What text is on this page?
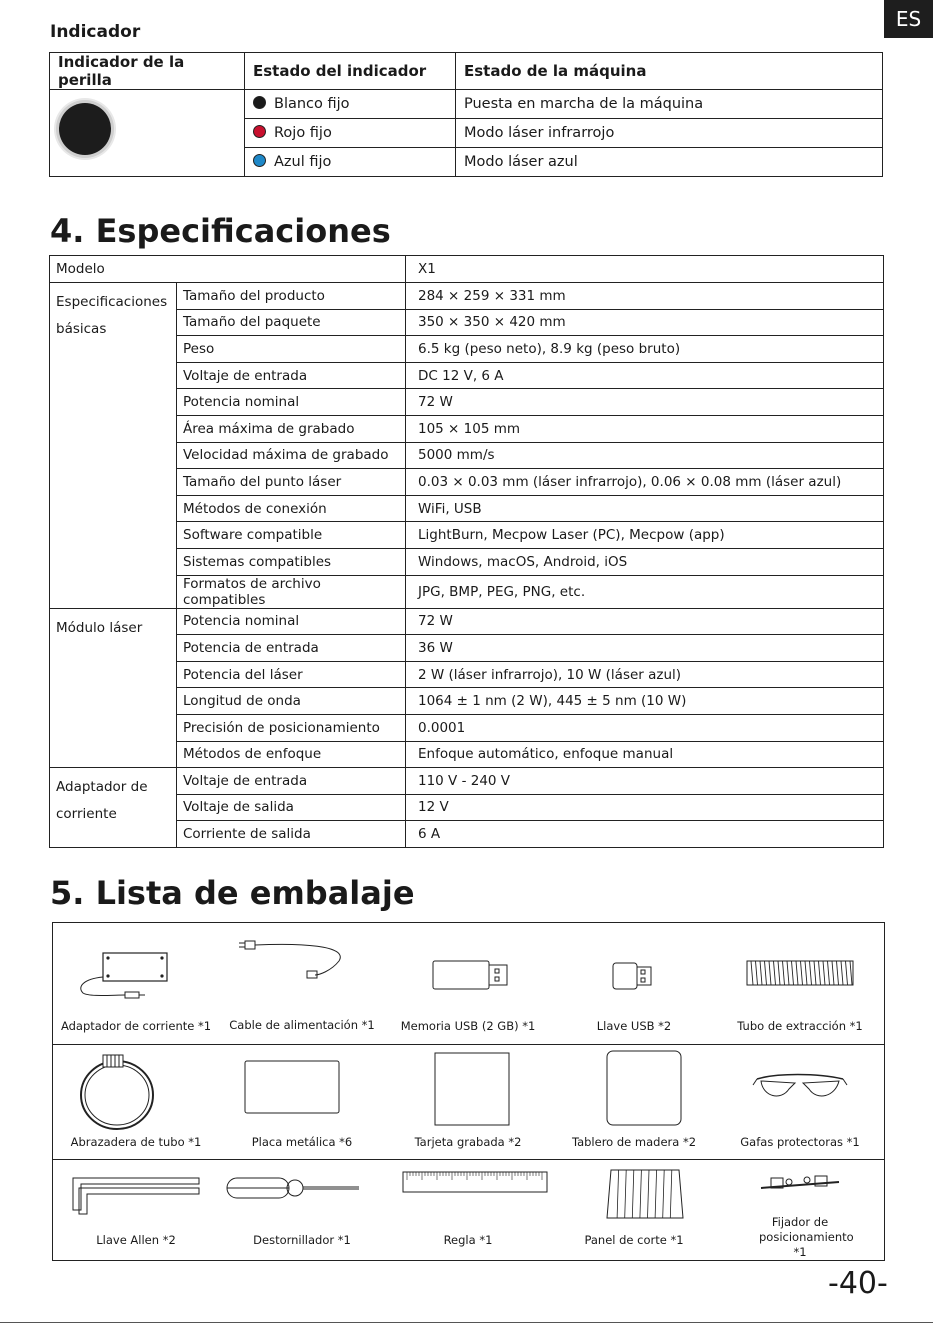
ES
Indicador
Indicador de la perilla	Estado del indicador	Estado de la máquina

	Blanco fijo	Puesta en marcha de la máquina
	Rojo fijo	Modo láser infrarrojo
	Azul fijo	Modo láser azul
4. Especificaciones
Modelo		X1
Especificaciones básicas	Tamaño del producto	284 × 259 × 331 mm
	Tamaño del paquete	350 × 350 × 420 mm
	Peso	6.5 kg (peso neto), 8.9 kg (peso bruto)
	Voltaje de entrada	DC 12 V, 6 A
	Potencia nominal	72 W
	Área máxima de grabado	105 × 105 mm
	Velocidad máxima de grabado	5000 mm/s
	Tamaño del punto láser	0.03 × 0.03 mm (láser infrarrojo), 0.06 × 0.08 mm (láser azul)
	Métodos de conexión	WiFi, USB
	Software compatible	LightBurn, Mecpow Laser (PC), Mecpow (app)
	Sistemas compatibles	Windows, macOS, Android, iOS
	Formatos de archivo compatibles	JPG, BMP, PEG, PNG, etc.
Módulo láser	Potencia nominal	72 W
	Potencia de entrada	36 W
	Potencia del láser	2 W (láser infrarrojo), 10 W (láser azul)
	Longitud de onda	1064 ± 1 nm (2 W), 445 ± 5 nm (10 W)
	Precisión de posicionamiento	0.0001
	Métodos de enfoque	Enfoque automático, enfoque manual
Adaptador de corriente	Voltaje de entrada	110 V - 240 V
	Voltaje de salida	12 V
	Corriente de salida	6 A
5. Lista de embalaje
Adaptador de corriente *1	Cable de alimentación *1	Memoria USB (2 GB) *1	Llave USB *2	Tubo de extracción *1
Abrazadera de tubo *1	Placa metálica *6	Tarjeta grabada *2	Tablero de madera *2	Gafas protectoras *1
Llave Allen *2	Destornillador *1	Regla *1	Panel de corte *1
Fijador de posicionamiento *1
-40-
